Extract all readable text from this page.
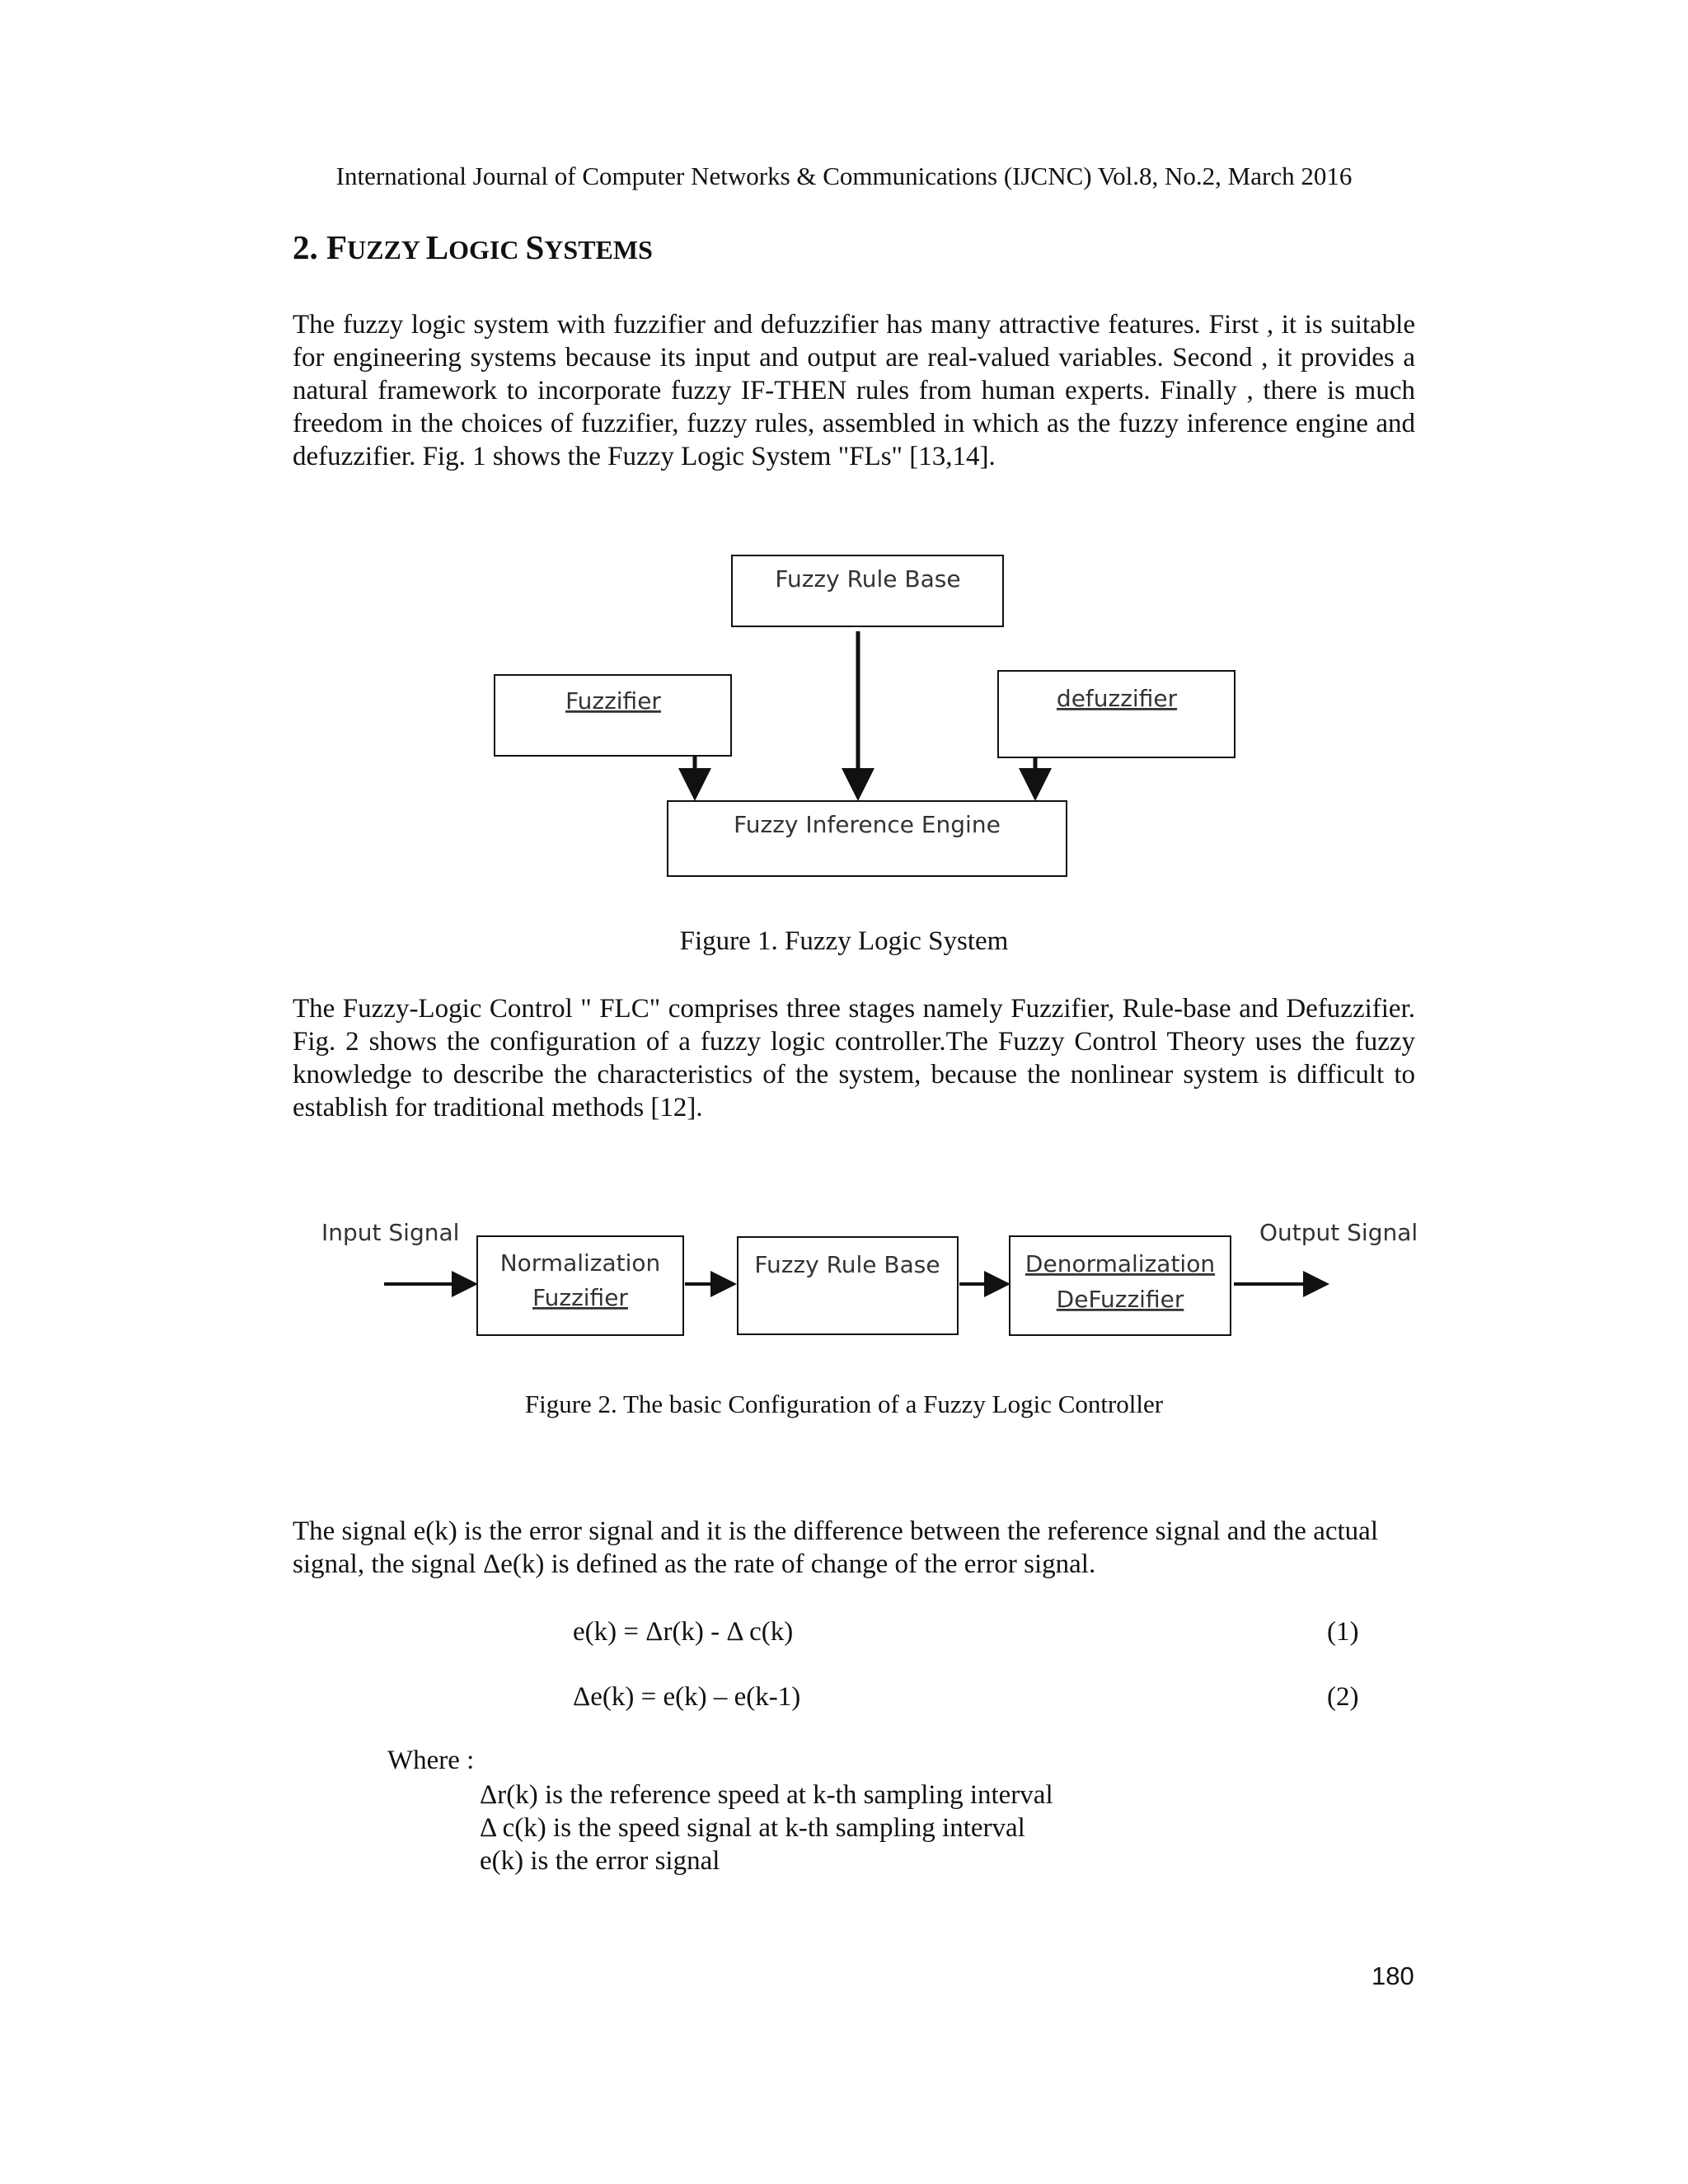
International Journal of Computer Networks & Communications (IJCNC) Vol.8, No.2, March 2016
2. FUZZY LOGIC SYSTEMS

The fuzzy logic system with fuzzifier and defuzzifier has many attractive features. First , it is suitable for engineering systems because its input and output are real-valued variables. Second , it provides a natural framework to incorporate fuzzy IF-THEN rules from human experts. Finally , there is much freedom in the choices of fuzzifier, fuzzy rules, assembled in which as the fuzzy inference engine and defuzzifier. Fig. 1 shows the Fuzzy Logic System "FLs" [13,14].

Fuzzy Rule Base
Fuzzifier	defuzzifier
Fuzzy Inference Engine
Figure 1. Fuzzy Logic System

The Fuzzy-Logic Control " FLC" comprises three stages namely Fuzzifier, Rule-base and Defuzzifier. Fig. 2 shows the configuration of a fuzzy logic controller.The Fuzzy Control Theory uses the fuzzy knowledge to describe the characteristics of the system, because the nonlinear system is difficult to establish for traditional methods [12].

Input Signal	Output Signal
Normalization
Fuzzifier
Fuzzy Rule Base	Denormalization
DeFuzzifier
Figure 2. The basic Configuration of a Fuzzy Logic Controller

The signal e(k) is the error signal and it is the difference between the reference signal and the actual signal, the signal Δe(k) is defined as the rate of change of the error signal.

e(k) = Δr(k) - Δ c(k)	(1)
Δe(k) = e(k) – e(k-1)	(2)
Where :
Δr(k) is the reference speed at k-th sampling interval
Δ c(k) is the speed signal at k-th sampling interval
e(k) is the error signal
180
